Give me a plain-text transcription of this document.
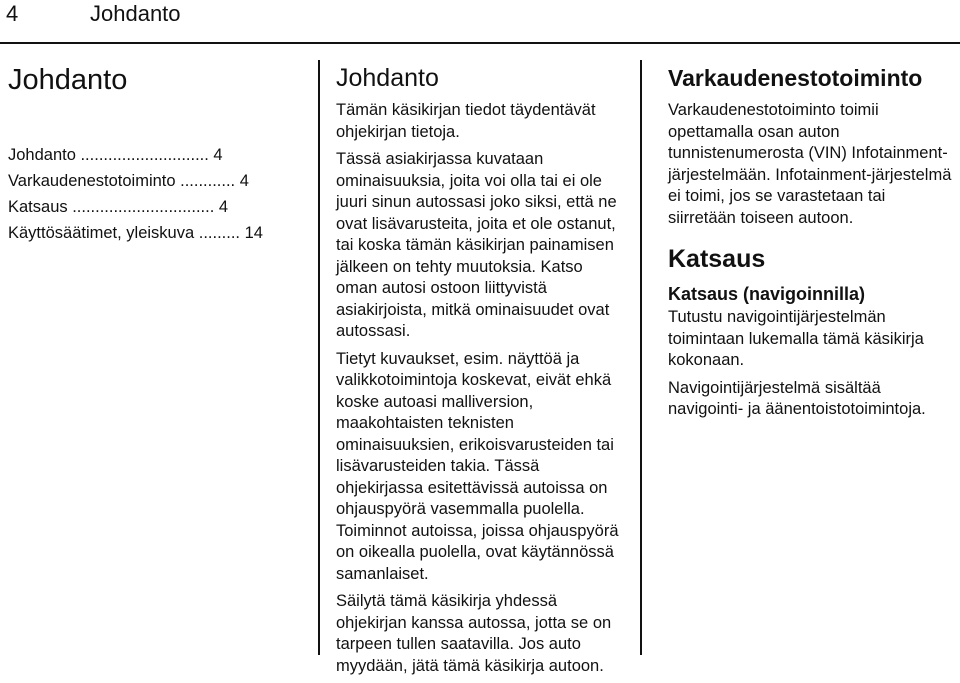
4	Johdanto
Johdanto
Johdanto ............................ 4
Varkaudenestotoiminto ............ 4
Katsaus ............................... 4
Käyttösäätimet, yleiskuva ......... 14
Johdanto

Tämän käsikirjan tiedot täydentävät ohjekirjan tietoja.

Tässä asiakirjassa kuvataan ominaisuuksia, joita voi olla tai ei ole juuri sinun autossasi joko siksi, että ne ovat lisävarusteita, joita et ole ostanut, tai koska tämän käsikirjan painamisen jälkeen on tehty muutoksia. Katso oman autosi ostoon liittyvistä asiakirjoista, mitkä ominaisuudet ovat autossasi.

Tietyt kuvaukset, esim. näyttöä ja valikkotoimintoja koskevat, eivät ehkä koske autoasi malliversion, maakohtaisten teknisten ominaisuuksien, erikoisvarusteiden tai lisävarusteiden takia. Tässä ohjekirjassa esitettävissä autoissa on ohjauspyörä vasemmalla puolella. Toiminnot autoissa, joissa ohjauspyörä on oikealla puolella, ovat käytännössä samanlaiset.

Säilytä tämä käsikirja yhdessä ohjekirjan kanssa autossa, jotta se on tarpeen tullen saatavilla. Jos auto myydään, jätä tämä käsikirja autoon.

Varkaudenestotoiminto

Varkaudenestotoiminto toimii opettamalla osan auton tunnistenumerosta (VIN) Infotainment-järjestelmään. Infotainment-järjestelmä ei toimi, jos se varastetaan tai siirretään toiseen autoon.

Katsaus
Katsaus (navigoinnilla)

Tutustu navigointijärjestelmän toimintaan lukemalla tämä käsikirja kokonaan.

Navigointijärjestelmä sisältää navigointi- ja äänentoistotoimintoja.
